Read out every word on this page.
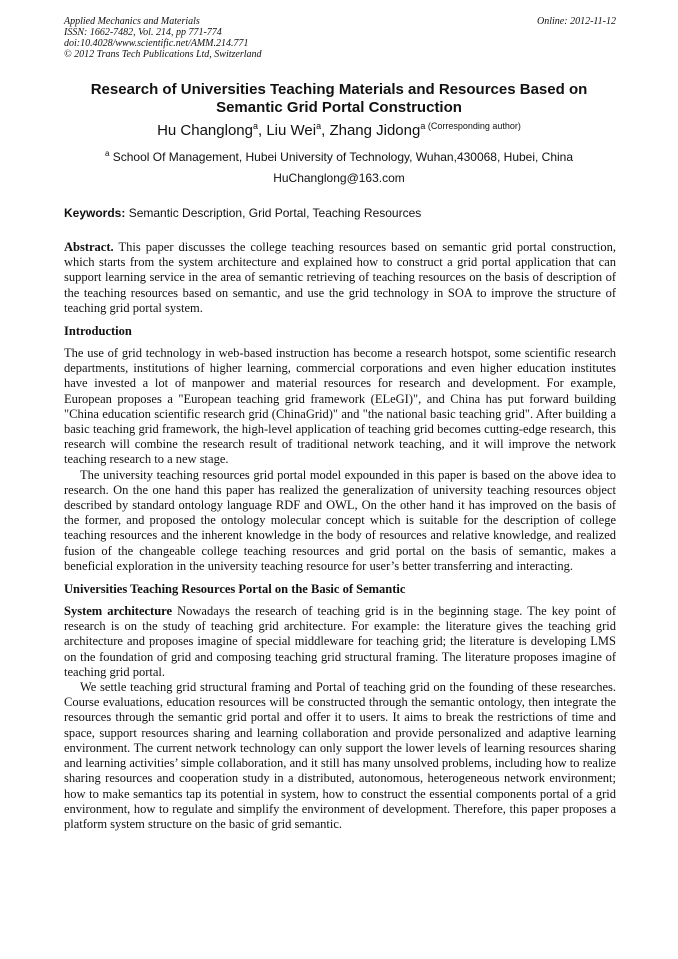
Applied Mechanics and Materials
ISSN: 1662-7482, Vol. 214, pp 771-774
doi:10.4028/www.scientific.net/AMM.214.771
© 2012 Trans Tech Publications Ltd, Switzerland
Online: 2012-11-12
Research of Universities Teaching Materials and Resources Based on Semantic Grid Portal Construction
Hu Changlong$^a$, Liu Wei$^a$, Zhang Jidong$^{a (Corresponding author)}$
$^a$ School Of Management, Hubei University of Technology, Wuhan,430068, Hubei, China
HuChanglong@163.com
Keywords: Semantic Description, Grid Portal, Teaching Resources

Abstract. This paper discusses the college teaching resources based on semantic grid portal construction, which starts from the system architecture and explained how to construct a grid portal application that can support learning service in the area of semantic retrieving of teaching resources on the basis of description of the teaching resources based on semantic, and use the grid technology in SOA to improve the structure of teaching grid portal system.

Introduction

The use of grid technology in web-based instruction has become a research hotspot, some scientific research departments, institutions of higher learning, commercial corporations and even higher education institutes have invested a lot of manpower and material resources for research and development. For example, European proposes a "European teaching grid framework (ELeGI)", and China has put forward building "China education scientific research grid (ChinaGrid)" and "the national basic teaching grid". After building a basic teaching grid framework, the high-level application of teaching grid becomes cutting-edge research, this research will combine the research result of traditional network teaching, and it will improve the network teaching research to a new stage.

The university teaching resources grid portal model expounded in this paper is based on the above idea to research. On the one hand this paper has realized the generalization of university teaching resources object described by standard ontology language RDF and OWL, On the other hand it has improved on the basis of the former, and proposed the ontology molecular concept which is suitable for the description of college teaching resources and the inherent knowledge in the body of resources and relative knowledge, and realized fusion of the changeable college teaching resources and grid portal on the basis of semantic, makes a beneficial exploration in the university teaching resource for user’s better transferring and interacting.

Universities Teaching Resources Portal on the Basic of Semantic

System architecture Nowadays the research of teaching grid is in the beginning stage. The key point of research is on the study of teaching grid architecture. For example: the literature gives the teaching grid architecture and proposes imagine of special middleware for teaching grid; the literature is developing LMS on the foundation of grid and composing teaching grid structural framing. The literature proposes imagine of teaching grid portal.

We settle teaching grid structural framing and Portal of teaching grid on the founding of these researches. Course evaluations, education resources will be constructed through the semantic ontology, then integrate the resources through the semantic grid portal and offer it to users. It aims to break the restrictions of time and space, support resources sharing and learning collaboration and provide personalized and adaptive learning environment. The current network technology can only support the lower levels of learning resources sharing and learning activities’ simple collaboration, and it still has many unsolved problems, including how to realize sharing resources and cooperation study in a distributed, autonomous, heterogeneous network environment; how to make semantics tap its potential in system, how to construct the essential components portal of a grid environment, how to regulate and simplify the environment of development. Therefore, this paper proposes a platform system structure on the basic of grid semantic.
